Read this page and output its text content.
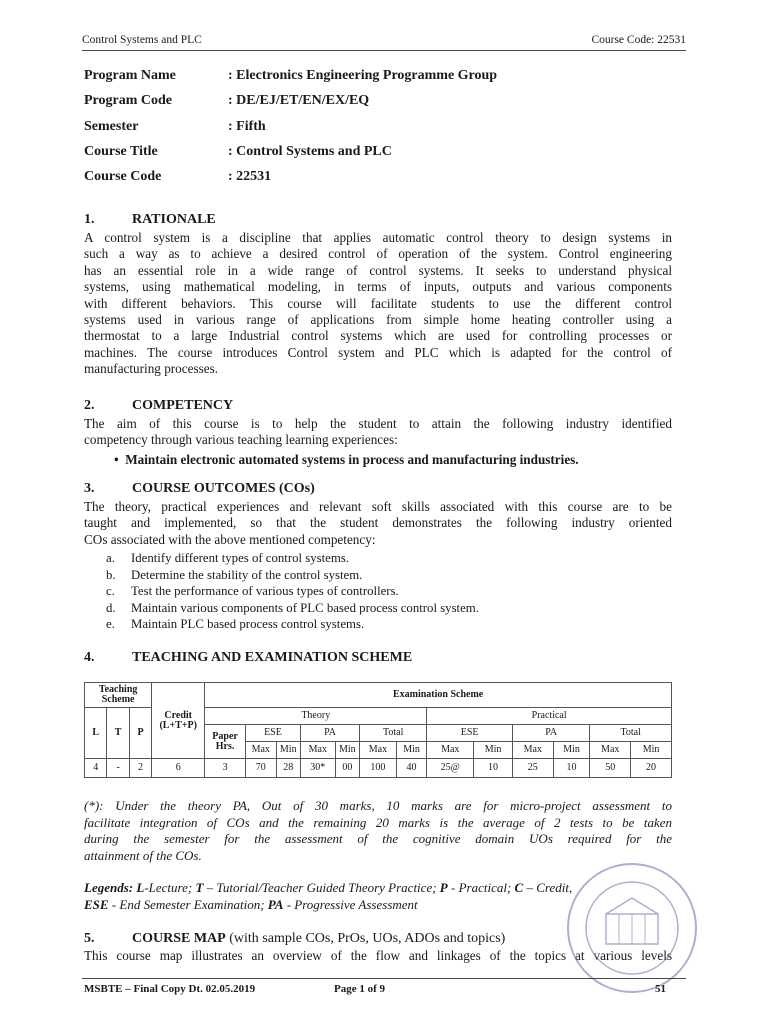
Control Systems and PLC	Course Code: 22531
Program Name	: Electronics Engineering Programme Group
Program Code	: DE/EJ/ET/EN/EX/EQ
Semester	: Fifth
Course Title	: Control Systems and PLC
Course Code	: 22531
1.	RATIONALE
A control system is a discipline that applies automatic control theory to design systems in
such a way as to achieve a desired control of operation of the system. Control engineering
has an essential role in a wide range of control systems. It seeks to understand physical
systems, using mathematical modeling, in terms of inputs, outputs and various components
with different behaviors. This course will facilitate students to use the different control
systems used in various range of applications from simple home heating controller using a
thermostat to a large Industrial control systems which are used for controlling processes or
machines. The course introduces Control system and PLC which is adapted for the control of
manufacturing processes.
2.	COMPETENCY
The aim of this course is to help the student to attain the following industry identified
competency through various teaching learning experiences:
•  Maintain electronic automated systems in process and manufacturing industries.
3.	COURSE OUTCOMES (COs)
The theory, practical experiences and relevant soft skills associated with this course are to be
taught and implemented, so that the student demonstrates the following industry oriented
COs associated with the above mentioned competency:
a. Identify different types of control systems.
b. Determine the stability of the control system.
c. Test the performance of various types of controllers.
d. Maintain various components of PLC based process control system.
e. Maintain PLC based process control systems.
4.	TEACHING AND EXAMINATION SCHEME
Teaching Scheme			Credit (L+T+P)	Examination Scheme												
L	T	P		Theory							Practical					
				Paper Hrs.	ESE		PA		Total		ESE		PA		Total	
					Max	Min	Max	Min	Max	Min	Max	Min	Max	Min	Max	Min
4	-	2	6	3	70	28	30*	00	100	40	25@	10	25	10	50	20
(*): Under the theory PA, Out of 30 marks, 10 marks are for micro-project assessment to
facilitate integration of COs and the remaining 20 marks is the average of 2 tests to be taken
during the semester for the assessment of the cognitive domain UOs required for the
attainment of the COs.
Legends: L-Lecture; T – Tutorial/Teacher Guided Theory Practice; P - Practical; C – Credit,
ESE - End Semester Examination; PA - Progressive Assessment
5.	COURSE MAP (with sample COs, PrOs, UOs, ADOs and topics)
This course map illustrates an overview of the flow and linkages of the topics at various levels
MSBTE – Final Copy Dt. 02.05.2019	Page 1 of 9	51
